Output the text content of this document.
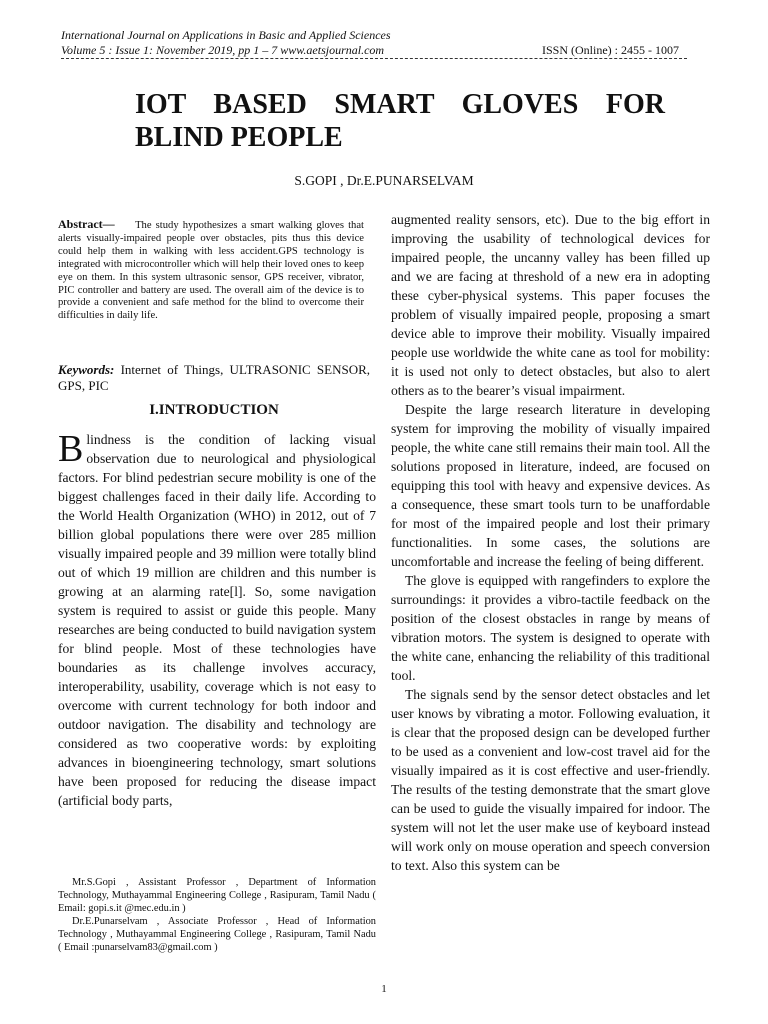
International Journal on Applications in Basic and Applied Sciences
Volume 5 : Issue 1: November 2019, pp 1 – 7 www.aetsjournal.com	ISSN (Online) : 2455 - 1007
IOT BASED SMART GLOVES FOR
BLIND PEOPLE
S.GOPI , Dr.E.PUNARSELVAM
Abstract— The study hypothesizes a smart walking gloves that alerts visually-impaired people over obstacles, pits thus this device could help them in walking with less accident.GPS technology is integrated with microcontroller which will help their loved ones to keep eye on them. In this system ultrasonic sensor, GPS receiver, vibrator, PIC controller and battery are used. The overall aim of the device is to provide a convenient and safe method for the blind to overcome their difficulties in daily life.
Keywords: Internet of Things, ULTRASONIC SENSOR, GPS, PIC
I.INTRODUCTION
B lindness is the condition of lacking visual observation due to neurological and physiological factors. For blind pedestrian secure mobility is one of the biggest challenges faced in their daily life. According to the World Health Organization (WHO) in 2012, out of 7 billion global populations there were over 285 million visually impaired people and 39 million were totally blind out of which 19 million are children and this number is growing at an alarming rate[l]. So, some navigation system is required to assist or guide this people. Many researches are being conducted to build navigation system for blind people. Most of these technologies have boundaries as its challenge involves accuracy, interoperability, usability, coverage which is not easy to overcome with current technology for both indoor and outdoor navigation. The disability and technology are considered as two cooperative words: by exploiting advances in bioengineering technology, smart solutions have been proposed for reducing the disease impact (artificial body parts,

Mr.S.Gopi , Assistant Professor , Department of Information Technology, Muthayammal Engineering College , Rasipuram, Tamil Nadu ( Email: gopi.s.it @mec.edu.in )

Dr.E.Punarselvam , Associate Professor , Head of Information Technology , Muthayammal Engineering College , Rasipuram, Tamil Nadu ( Email :punarselvam83@gmail.com )

augmented reality sensors, etc). Due to the big effort in improving the usability of technological devices for impaired people, the uncanny valley has been filled up and we are facing at threshold of a new era in adopting these cyber-physical systems. This paper focuses the problem of visually impaired people, proposing a smart device able to improve their mobility. Visually impaired people use worldwide the white cane as tool for mobility: it is used not only to detect obstacles, but also to alert others as to the bearer’s visual impairment.

Despite the large research literature in developing system for improving the mobility of visually impaired people, the white cane still remains their main tool. All the solutions proposed in literature, indeed, are focused on equipping this tool with heavy and expensive devices. As a consequence, these smart tools turn to be unaffordable for most of the impaired people and lost their primary functionalities. In some cases, the solutions are uncomfortable and increase the feeling of being different.

The glove is equipped with rangefinders to explore the surroundings: it provides a vibro-tactile feedback on the position of the closest obstacles in range by means of vibration motors. The system is designed to operate with the white cane, enhancing the reliability of this traditional tool.

The signals send by the sensor detect obstacles and let user knows by vibrating a motor. Following evaluation, it is clear that the proposed design can be developed further to be used as a convenient and low-cost travel aid for the visually impaired as it is cost effective and user-friendly. The results of the testing demonstrate that the smart glove can be used to guide the visually impaired for indoor. The system will not let the user make use of keyboard instead will work only on mouse operation and speech conversion to text. Also this system can be

1
